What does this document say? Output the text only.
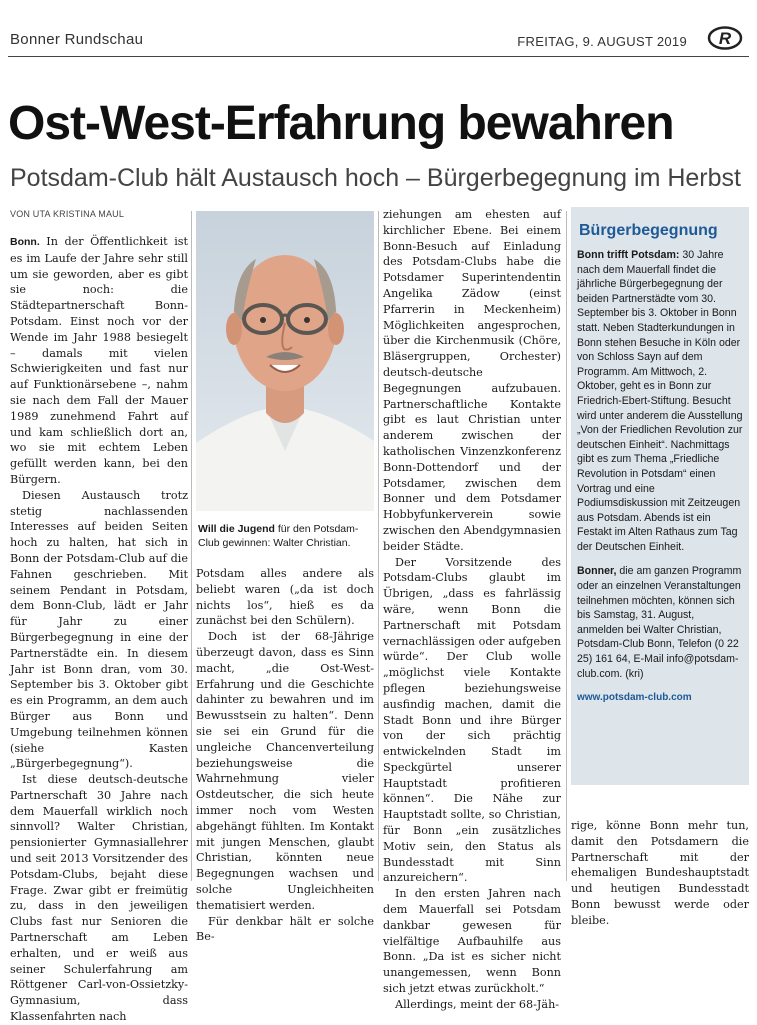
Bonner Rundschau	FREITAG, 9. AUGUST 2019 R
Ost-West-Erfahrung bewahren
Potsdam-Club hält Austausch hoch – Bürgerbegegnung im Herbst
VON UTA KRISTINA MAUL

Bonn. In der Öffentlichkeit ist es im Laufe der Jahre sehr still um sie geworden, aber es gibt sie noch: die Städtepartnerschaft Bonn-Potsdam. Einst noch vor der Wende im Jahr 1988 besiegelt – damals mit vielen Schwierigkeiten und fast nur auf Funktionärsebene –, nahm sie nach dem Fall der Mauer 1989 zunehmend Fahrt auf und kam schließlich dort an, wo sie mit echtem Leben gefüllt werden kann, bei den Bürgern.

Diesen Austausch trotz stetig nachlassenden Interesses auf beiden Seiten hoch zu halten, hat sich in Bonn der Potsdam-Club auf die Fahnen geschrieben. Mit seinem Pendant in Potsdam, dem Bonn-Club, lädt er Jahr für Jahr zu einer Bürgerbegegnung in eine der Partnerstädte ein. In diesem Jahr ist Bonn dran, vom 30. September bis 3. Oktober gibt es ein Programm, an dem auch Bürger aus Bonn und Umgebung teilnehmen können (siehe Kasten „Bürgerbegegnung“).

Ist diese deutsch-deutsche Partnerschaft 30 Jahre nach dem Mauerfall wirklich noch sinnvoll? Walter Christian, pensionierter Gymnasiallehrer und seit 2013 Vorsitzender des Potsdam-Clubs, bejaht diese Frage. Zwar gibt er freimütig zu, dass in den jeweiligen Clubs fast nur Senioren die Partnerschaft am Leben erhalten, und er weiß aus seiner Schulerfahrung am Röttgener Carl-von-Ossietzky-Gymnasium, dass Klassenfahrten nach

Will die Jugend für den Potsdam-Club gewinnen: Walter Christian.

Potsdam alles andere als beliebt waren („da ist doch nichts los“, hieß es da zunächst bei den Schülern).

Doch ist der 68-Jährige überzeugt davon, dass es Sinn macht, „die Ost-West-Erfahrung und die Geschichte dahinter zu bewahren und im Bewusstsein zu halten“. Denn sie sei ein Grund für die ungleiche Chancenverteilung beziehungsweise die Wahrnehmung vieler Ostdeutscher, die sich heute immer noch vom Westen abgehängt fühlten. Im Kontakt mit jungen Menschen, glaubt Christian, könnten neue Begegnungen wachsen und solche Ungleichheiten thematisiert werden.

Für denkbar hält er solche Be-

ziehungen am ehesten auf kirchlicher Ebene. Bei einem Bonn-Besuch auf Einladung des Potsdam-Clubs habe die Potsdamer Superintendentin Angelika Zädow (einst Pfarrerin in Meckenheim) Möglichkeiten angesprochen, über die Kirchenmusik (Chöre, Bläsergruppen, Orchester) deutsch-deutsche Begegnungen aufzubauen. Partnerschaftliche Kontakte gibt es laut Christian unter anderem zwischen der katholischen Vinzenzkonferenz Bonn-Dottendorf und der Potsdamer, zwischen dem Bonner und dem Potsdamer Hobbyfunkerverein sowie zwischen den Abendgymnasien beider Städte.

Der Vorsitzende des Potsdam-Clubs glaubt im Übrigen, „dass es fahrlässig wäre, wenn Bonn die Partnerschaft mit Potsdam vernachlässigen oder aufgeben würde“. Der Club wolle „möglichst viele Kontakte pflegen beziehungsweise ausfindig machen, damit die Stadt Bonn und ihre Bürger von der sich prächtig entwickelnden Stadt im Speckgürtel unserer Hauptstadt profitieren können“. Die Nähe zur Hauptstadt sollte, so Christian, für Bonn „ein zusätzliches Motiv sein, den Status als Bundesstadt mit Sinn anzureichern“.

In den ersten Jahren nach dem Mauerfall sei Potsdam dankbar gewesen für vielfältige Aufbauhilfe aus Bonn. „Da ist es sicher nicht unangemessen, wenn Bonn sich jetzt etwas zurückholt.“

Allerdings, meint der 68-Jäh-

Bürgerbegegnung

Bonn trifft Potsdam: 30 Jahre nach dem Mauerfall findet die jährliche Bürgerbegegnung der beiden Partnerstädte vom 30. September bis 3. Oktober in Bonn statt. Neben Stadterkundungen in Bonn stehen Besuche in Köln oder von Schloss Sayn auf dem Programm. Am Mittwoch, 2. Oktober, geht es in Bonn zur Friedrich-Ebert-Stiftung. Besucht wird unter anderem die Ausstellung „Von der Friedlichen Revolution zur deutschen Einheit“. Nachmittags gibt es zum Thema „Friedliche Revolution in Potsdam“ einen Vortrag und eine Podiumsdiskussion mit Zeitzeugen aus Potsdam. Abends ist ein Festakt im Alten Rathaus zum Tag der Deutschen Einheit.

Bonner, die am ganzen Programm oder an einzelnen Veranstaltungen teilnehmen möchten, können sich bis Samstag, 31. August, anmelden bei Walter Christian, Potsdam-Club Bonn, Telefon (0 22 25) 161 64, E-Mail info@potsdam-club.com. (kri)

www.potsdam-club.com

rige, könne Bonn mehr tun, damit den Potsdamern die Partnerschaft mit der ehemaligen Bundeshauptstadt und heutigen Bundesstadt Bonn bewusst werde oder bleibe.
